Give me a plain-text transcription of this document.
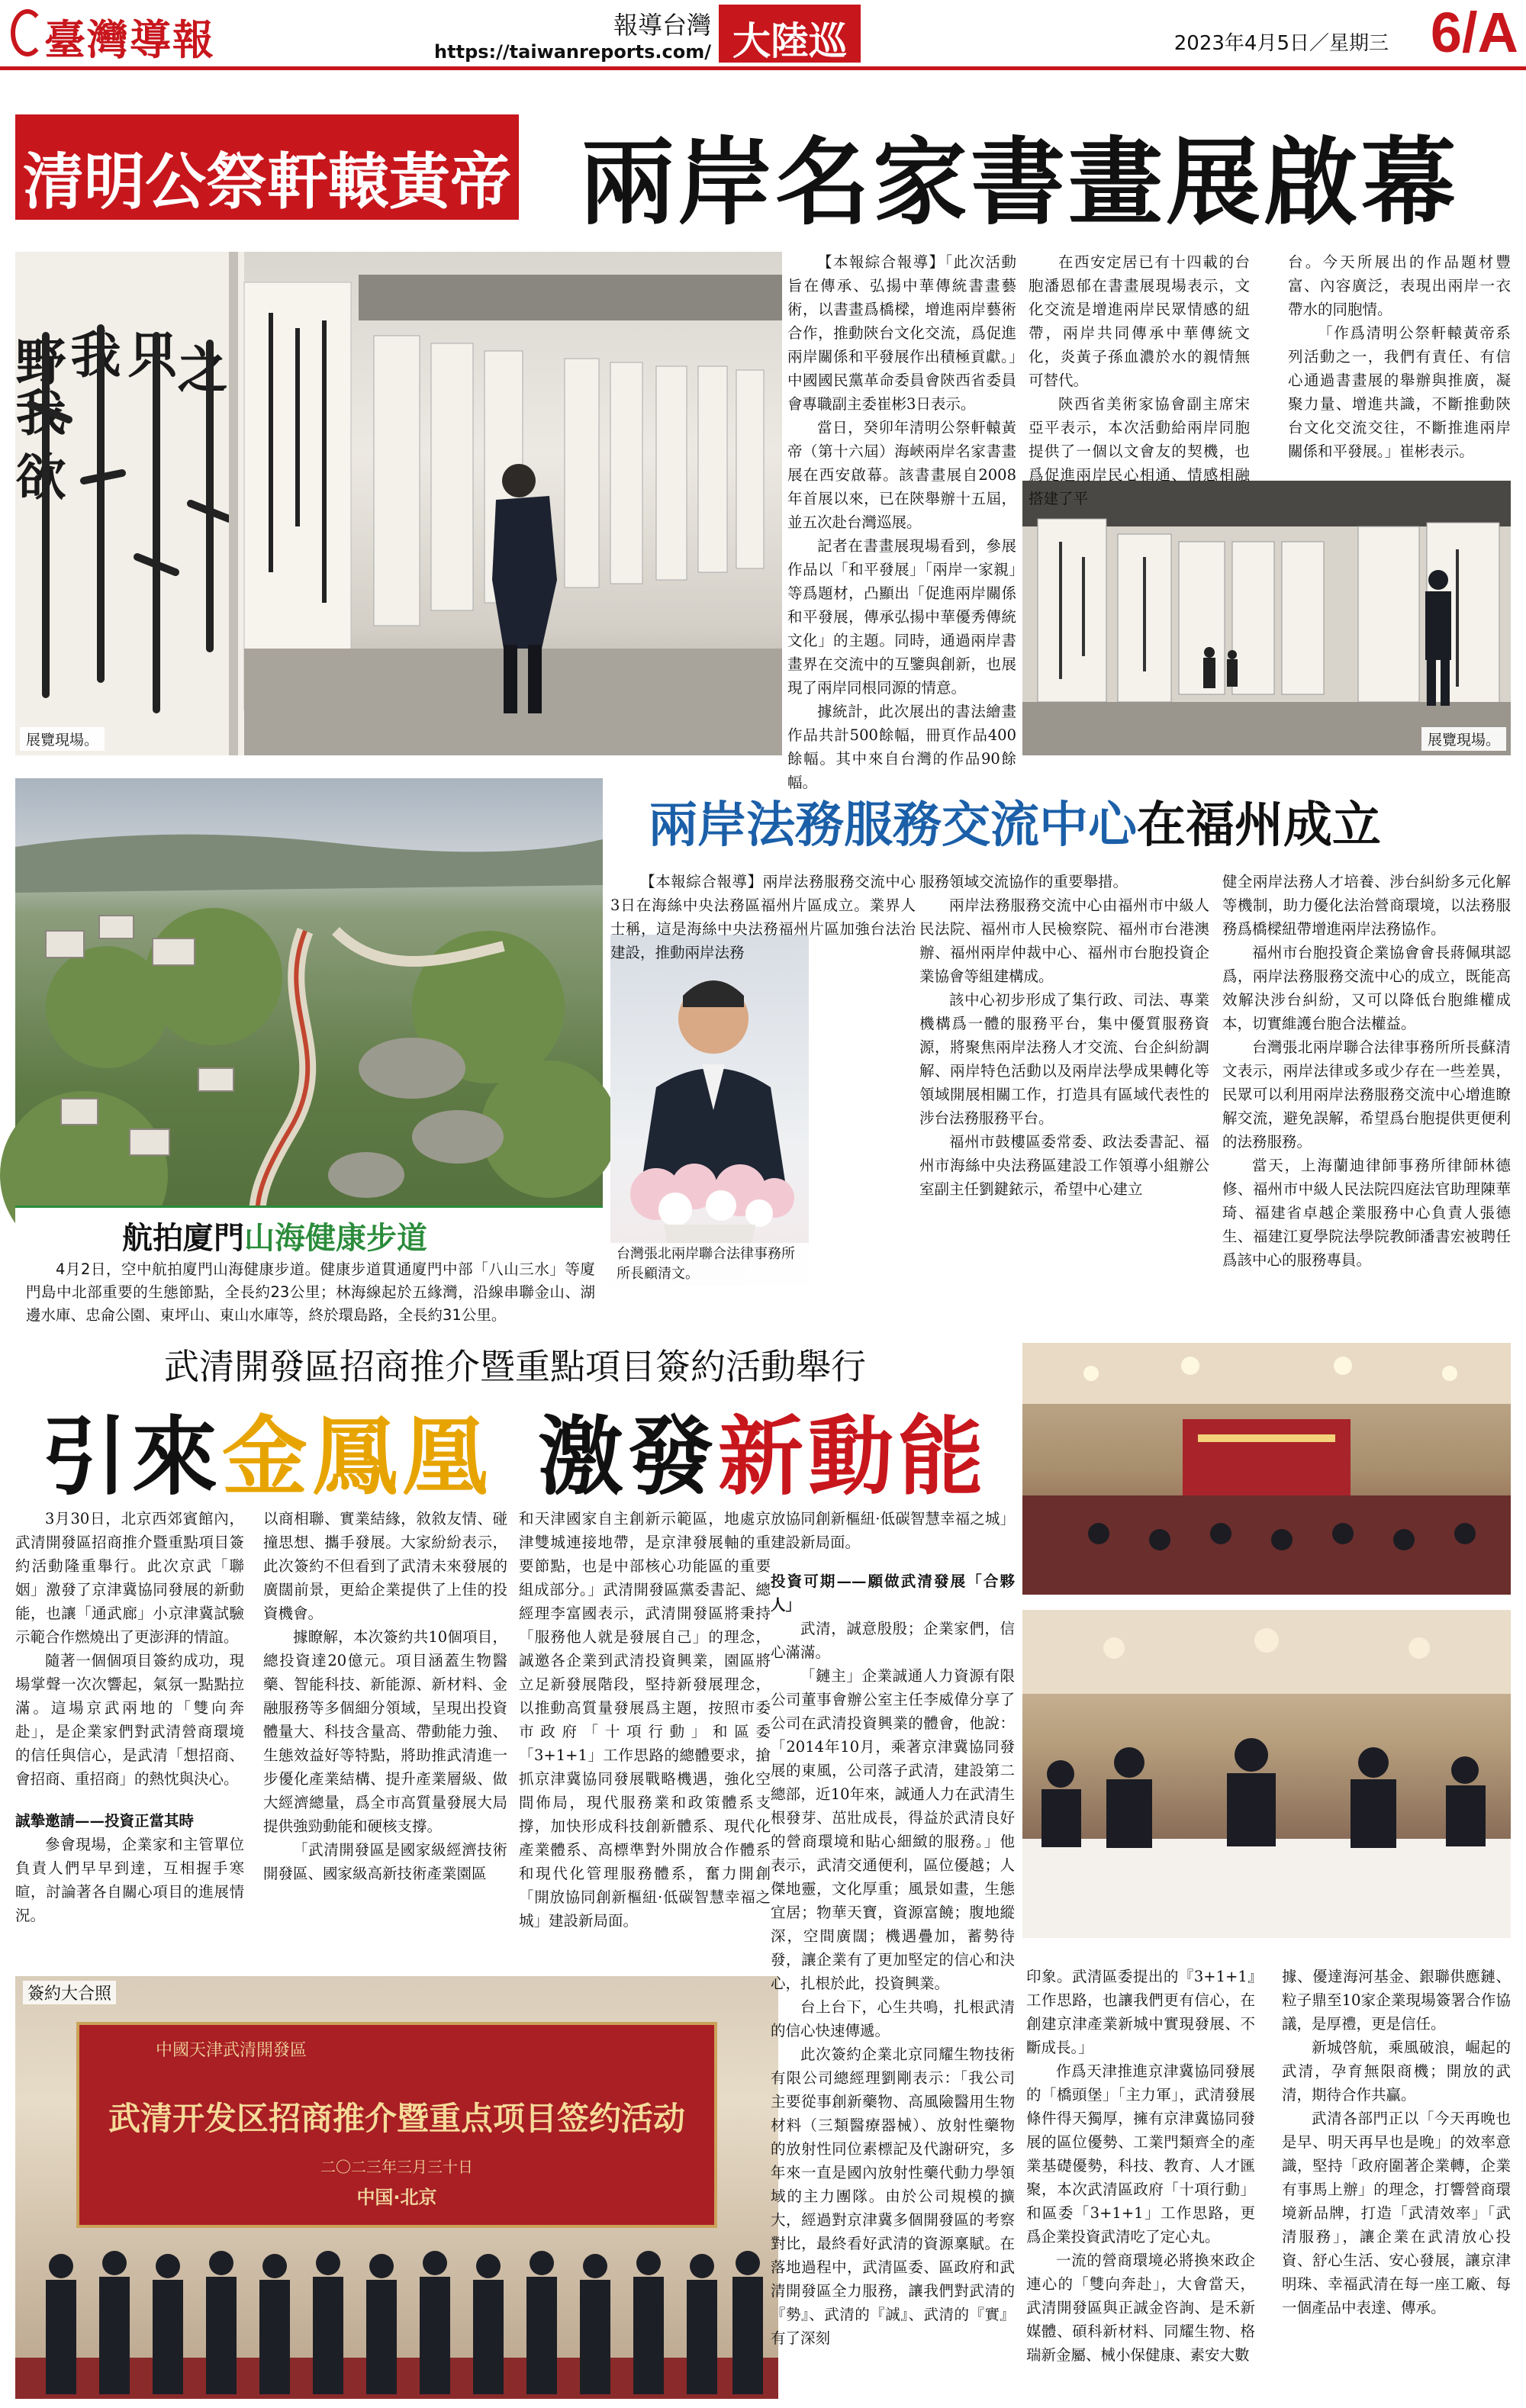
臺灣導報	報導台灣
https://taiwanreports.com/ 大陸巡禮
2023年4月5日／星期三 6/A
清明公祭軒轅黃帝 兩岸名家書畫展啟幕
野我
欲
我
只
之
展覽現場。	展覽現場。

【本報綜合報導】「此次活動旨在傳承、弘揚中華傳統書畫藝術，以書畫爲橋樑，增進兩岸藝術合作，推動陝台文化交流，爲促進兩岸關係和平發展作出積極貢獻。」中國國民黨革命委員會陝西省委員會專職副主委崔彬3日表示。

當日，癸卯年清明公祭軒轅黃帝（第十六屆）海峽兩岸名家書畫展在西安啟幕。該書畫展自2008年首展以來，已在陝舉辦十五屆，並五次赴台灣巡展。

記者在書畫展現場看到，參展作品以「和平發展」「兩岸一家親」等爲題材，凸顯出「促進兩岸關係和平發展，傳承弘揚中華優秀傳統文化」的主題。同時，通過兩岸書畫界在交流中的互鑒與創新，也展現了兩岸同根同源的情意。

據統計，此次展出的書法繪畫作品共計500餘幅，冊頁作品400餘幅。其中來自台灣的作品90餘幅。

在西安定居已有十四載的台胞潘恩郁在書畫展現場表示，文化交流是增進兩岸民眾情感的紐帶，兩岸共同傳承中華傳統文化，炎黃子孫血濃於水的親情無可替代。

陝西省美術家協會副主席宋亞平表示，本次活動給兩岸同胞提供了一個以文會友的契機，也爲促進兩岸民心相通、情感相融搭建了平

台。今天所展出的作品題材豐富、內容廣泛，表現出兩岸一衣帶水的同胞情。

「作爲清明公祭軒轅黃帝系列活動之一，我們有責任、有信心通過書畫展的舉辦與推廣，凝聚力量、增進共識，不斷推動陝台文化交流交往，不斷推進兩岸關係和平發展。」崔彬表示。

航拍廈門山海健康步道
4月2日，空中航拍廈門山海健康步道。健康步道貫通廈門中部「八山三水」等廈門島中北部重要的生態節點，全長約23公里；林海線起於五緣灣，沿線串聯金山、湖邊水庫、忠侖公園、東坪山、東山水庫等，終於環島路，全長約31公里。
兩岸法務服務交流中心在福州成立
台灣張北兩岸聯合法律事務所所長顧清文。

【本報綜合報導】兩岸法務服務交流中心3日在海絲中央法務區福州片區成立。業界人士稱，這是海絲中央法務福州片區加強台法治建設，推動兩岸法務

服務領域交流協作的重要舉措。

兩岸法務服務交流中心由福州市中級人民法院、福州市人民檢察院、福州市台港澳辦、福州兩岸仲裁中心、福州市台胞投資企業協會等組建構成。

該中心初步形成了集行政、司法、專業機構爲一體的服務平台，集中優質服務資源，將聚焦兩岸法務人才交流、台企糾紛調解、兩岸特色活動以及兩岸法學成果轉化等領域開展相關工作，打造具有區域代表性的涉台法務服務平台。

福州市鼓樓區委常委、政法委書記、福州市海絲中央法務區建設工作領導小組辦公室副主任劉鍵銥示，希望中心建立

健全兩岸法務人才培養、涉台糾紛多元化解等機制，助力優化法治營商環境，以法務服務爲橋樑紐帶增進兩岸法務協作。

福州市台胞投資企業協會會長蔣佩琪認爲，兩岸法務服務交流中心的成立，既能高效解決涉台糾紛，又可以降低台胞維權成本，切實維護台胞合法權益。

台灣張北兩岸聯合法律事務所所長蘇清文表示，兩岸法律或多或少存在一些差異，民眾可以利用兩岸法務服務交流中心增進瞭解交流，避免誤解，希望爲台胞提供更便利的法務服務。

當天，上海蘭迪律師事務所律師林德修、福州市中級人民法院四庭法官助理陳華琦、福建省卓越企業服務中心負責人張德生、福建江夏學院法學院教師潘書宏被聘任爲該中心的服務專員。

武清開發區招商推介暨重點項目簽約活動舉行
引來金鳳凰 激發新動能
簽約大合照
中國天津武清開發區
武清开发区招商推介暨重点项目签约活动
二〇二三年三月三十日
中国·北京

3月30日，北京西郊賓館內，武清開發區招商推介暨重點項目簽約活動隆重舉行。此次京武「聯姻」激發了京津冀協同發展的新動能，也讓「通武廊」小京津冀試驗示範合作燃燒出了更澎湃的情誼。

隨著一個個項目簽約成功，現場掌聲一次次響起，氣氛一點點拉滿。這場京武兩地的「雙向奔赴」，是企業家們對武清營商環境的信任與信心，是武清「想招商、會招商、重招商」的熱忱與決心。

誠摯邀請——投資正當其時

參會現場，企業家和主管單位負責人們早早到達，互相握手寒暄，討論著各自關心項目的進展情況。

以商相聯、實業結緣，敘敘友情、碰撞思想、攜手發展。大家紛紛表示，此次簽約不但看到了武清未來發展的廣闊前景，更給企業提供了上佳的投資機會。

據瞭解，本次簽約共10個項目，總投資達20億元。項目涵蓋生物醫藥、智能科技、新能源、新材料、金融服務等多個細分領域，呈現出投資體量大、科技含量高、帶動能力強、生態效益好等特點，將助推武清進一步優化產業結構、提升產業層級、做大經濟總量，爲全市高質量發展大局提供強勁動能和硬核支撐。

「武清開發區是國家級經濟技術開發區、國家級高新技術產業園區

和天津國家自主創新示範區，地處京津雙城連接地帶，是京津發展軸的重要節點，也是中部核心功能區的重要組成部分。」武清開發區黨委書記、總經理李富國表示，武清開發區將秉持「服務他人就是發展自己」的理念，誠邀各企業到武清投資興業，園區將立足新發展階段，堅持新發展理念，以推動高質量發展爲主題，按照市委市政府「十項行動」和區委「3+1+1」工作思路的總體要求，搶抓京津冀協同發展戰略機遇，強化空間佈局，現代服務業和政策體系支撐，加快形成科技創新體系、現代化產業體系、高標準對外開放合作體系和現代化管理服務體系，奮力開創「開放協同創新樞紐·低碳智慧幸福之城」建設新局面。

放協同創新樞紐·低碳智慧幸福之城」建設新局面。

投資可期——願做武清發展「合夥人」

武清，誠意殷殷；企業家們，信心滿滿。

「鏈主」企業誠通人力資源有限公司董事會辦公室主任李威偉分享了公司在武清投資興業的體會，他說：「2014年10月，乘著京津冀協同發展的東風，公司落子武清，建設第二總部，近10年來，誠通人力在武清生根發芽、茁壯成長，得益於武清良好的營商環境和貼心細緻的服務。」他表示，武清交通便利，區位優越；人傑地靈，文化厚重；風景如畫，生態宜居；物華天寶，資源富饒；腹地縱深，空間廣闊；機遇疊加，蓄勢待發，讓企業有了更加堅定的信心和決心，扎根於此，投資興業。

台上台下，心生共鳴，扎根武清的信心快速傳遞。

此次簽約企業北京同耀生物技術有限公司總經理劉剛表示：「我公司主要從事創新藥物、高風險醫用生物材料（三類醫療器械）、放射性藥物的放射性同位素標記及代謝研究，多年來一直是國內放射性藥代動力學領域的主力團隊。由於公司規模的擴大，經過對京津冀多個開發區的考察對比，最終看好武清的資源稟賦。在落地過程中，武清區委、區政府和武清開發區全力服務，讓我們對武清的『勢』、武清的『誠』、武清的『實』有了深刻

印象。武清區委提出的『3+1+1』工作思路，也讓我們更有信心，在創建京津產業新城中實現發展、不斷成長。」

作爲天津推進京津冀協同發展的「橋頭堡」「主力軍」，武清發展條件得天獨厚，擁有京津冀協同發展的區位優勢、工業門類齊全的產業基礎優勢，科技、教育、人才匯聚，本次武清區政府「十項行動」和區委「3+1+1」工作思路，更爲企業投資武清吃了定心丸。

一流的營商環境必將換來政企連心的「雙向奔赴」，大會當天，武清開發區與正誠金咨詢、是禾新媒體、碩科新材料、同耀生物、格瑞新金屬、械小保健康、素安大數

據、優達海河基金、銀聯供應鏈、粒子鼎至10家企業現場簽署合作協議，是厚禮，更是信任。

新城啓航，乘風破浪，崛起的武清，孕育無限商機；開放的武清，期待合作共贏。

武清各部門正以「今天再晚也是早、明天再早也是晚」的效率意識，堅持「政府圍著企業轉，企業有事馬上辦」的理念，打響營商環境新品牌，打造「武清效率」「武清服務」，讓企業在武清放心投資、舒心生活、安心發展，讓京津明珠、幸福武清在每一座工廠、每一個產品中表達、傳承。
